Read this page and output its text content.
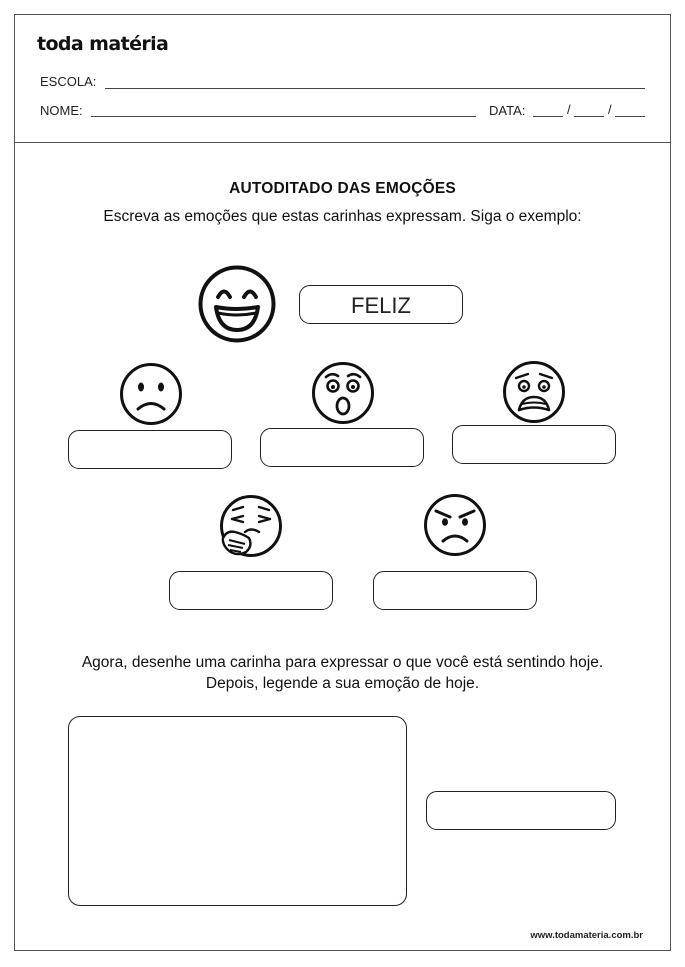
toda matéria
ESCOLA:
NOME:	DATA:	/	/
AUTODITADO DAS EMOÇÕES
Escreva as emoções que estas carinhas expressam. Siga o exemplo:
FELIZ
Agora, desenhe uma carinha para expressar o que você está sentindo hoje.
Depois, legende a sua emoção de hoje.
www.todamateria.com.br
